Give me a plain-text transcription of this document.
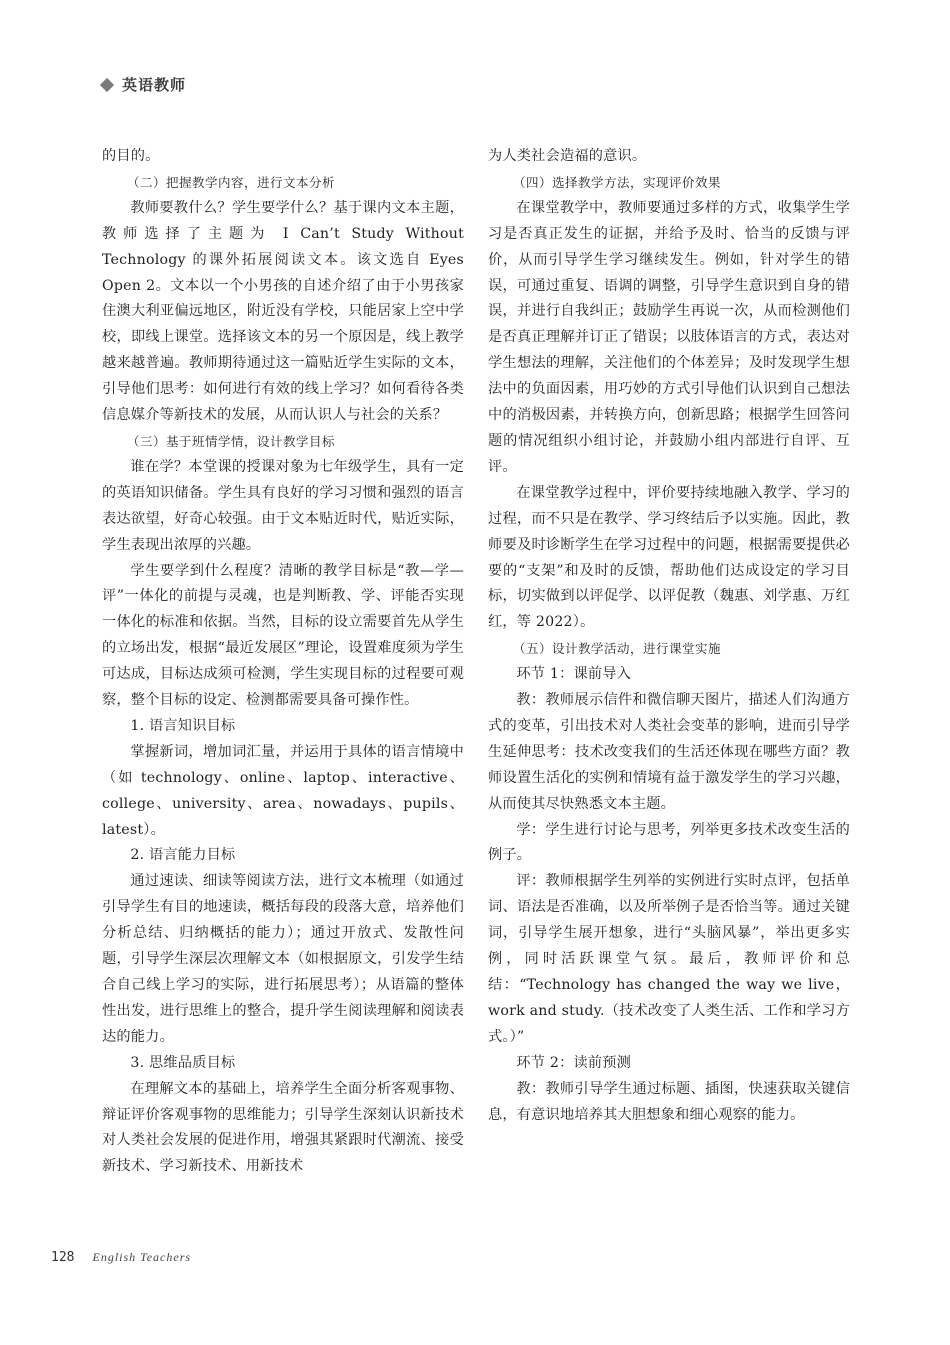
英语教师

的目的。

（二）把握教学内容，进行文本分析

教师要教什么？学生要学什么？基于课内文本主题，教师选择了主题为 I Can’t Study Without Technology 的课外拓展阅读文本。该文选自 Eyes Open 2。文本以一个小男孩的自述介绍了由于小男孩家住澳大利亚偏远地区，附近没有学校，只能居家上空中学校，即线上课堂。选择该文本的另一个原因是，线上教学越来越普遍。教师期待通过这一篇贴近学生实际的文本，引导他们思考：如何进行有效的线上学习？如何看待各类信息媒介等新技术的发展，从而认识人与社会的关系？

（三）基于班情学情，设计教学目标

谁在学？本堂课的授课对象为七年级学生，具有一定的英语知识储备。学生具有良好的学习习惯和强烈的语言表达欲望，好奇心较强。由于文本贴近时代，贴近实际，学生表现出浓厚的兴趣。

学生要学到什么程度？清晰的教学目标是“教—学—评”一体化的前提与灵魂，也是判断教、学、评能否实现一体化的标准和依据。当然，目标的设立需要首先从学生的立场出发，根据“最近发展区”理论，设置难度须为学生可达成，目标达成须可检测，学生实现目标的过程要可观察，整个目标的设定、检测都需要具备可操作性。

1. 语言知识目标

掌握新词，增加词汇量，并运用于具体的语言情境中（如 technology、online、laptop、interactive、college、university、area、nowadays、pupils、latest）。

2. 语言能力目标

通过速读、细读等阅读方法，进行文本梳理（如通过引导学生有目的地速读，概括每段的段落大意，培养他们分析总结、归纳概括的能力）；通过开放式、发散性问题，引导学生深层次理解文本（如根据原文，引发学生结合自己线上学习的实际，进行拓展思考）；从语篇的整体性出发，进行思维上的整合，提升学生阅读理解和阅读表达的能力。

3. 思维品质目标

在理解文本的基础上，培养学生全面分析客观事物、辩证评价客观事物的思维能力；引导学生深刻认识新技术对人类社会发展的促进作用，增强其紧跟时代潮流、接受新技术、学习新技术、用新技术

为人类社会造福的意识。

（四）选择教学方法，实现评价效果

在课堂教学中，教师要通过多样的方式，收集学生学习是否真正发生的证据，并给予及时、恰当的反馈与评价，从而引导学生学习继续发生。例如，针对学生的错误，可通过重复、语调的调整，引导学生意识到自身的错误，并进行自我纠正；鼓励学生再说一次，从而检测他们是否真正理解并订正了错误；以肢体语言的方式，表达对学生想法的理解，关注他们的个体差异；及时发现学生想法中的负面因素，用巧妙的方式引导他们认识到自己想法中的消极因素，并转换方向，创新思路；根据学生回答问题的情况组织小组讨论，并鼓励小组内部进行自评、互评。

在课堂教学过程中，评价要持续地融入教学、学习的过程，而不只是在教学、学习终结后予以实施。因此，教师要及时诊断学生在学习过程中的问题，根据需要提供必要的“支架”和及时的反馈，帮助他们达成设定的学习目标，切实做到以评促学、以评促教（魏惠、刘学惠、万红红，等 2022）。

（五）设计教学活动，进行课堂实施

环节 1：课前导入

教：教师展示信件和微信聊天图片，描述人们沟通方式的变革，引出技术对人类社会变革的影响，进而引导学生延伸思考：技术改变我们的生活还体现在哪些方面？教师设置生活化的实例和情境有益于激发学生的学习兴趣，从而使其尽快熟悉文本主题。

学：学生进行讨论与思考，列举更多技术改变生活的例子。

评：教师根据学生列举的实例进行实时点评，包括单词、语法是否准确，以及所举例子是否恰当等。通过关键词，引导学生展开想象，进行“头脑风暴”，举出更多实例，同时活跃课堂气氛。最后，教师评价和总结：“Technology has changed the way we live，work and study.（技术改变了人类生活、工作和学习方式。）”

环节 2：读前预测

教：教师引导学生通过标题、插图，快速获取关键信息，有意识地培养其大胆想象和细心观察的能力。

128 English Teachers
